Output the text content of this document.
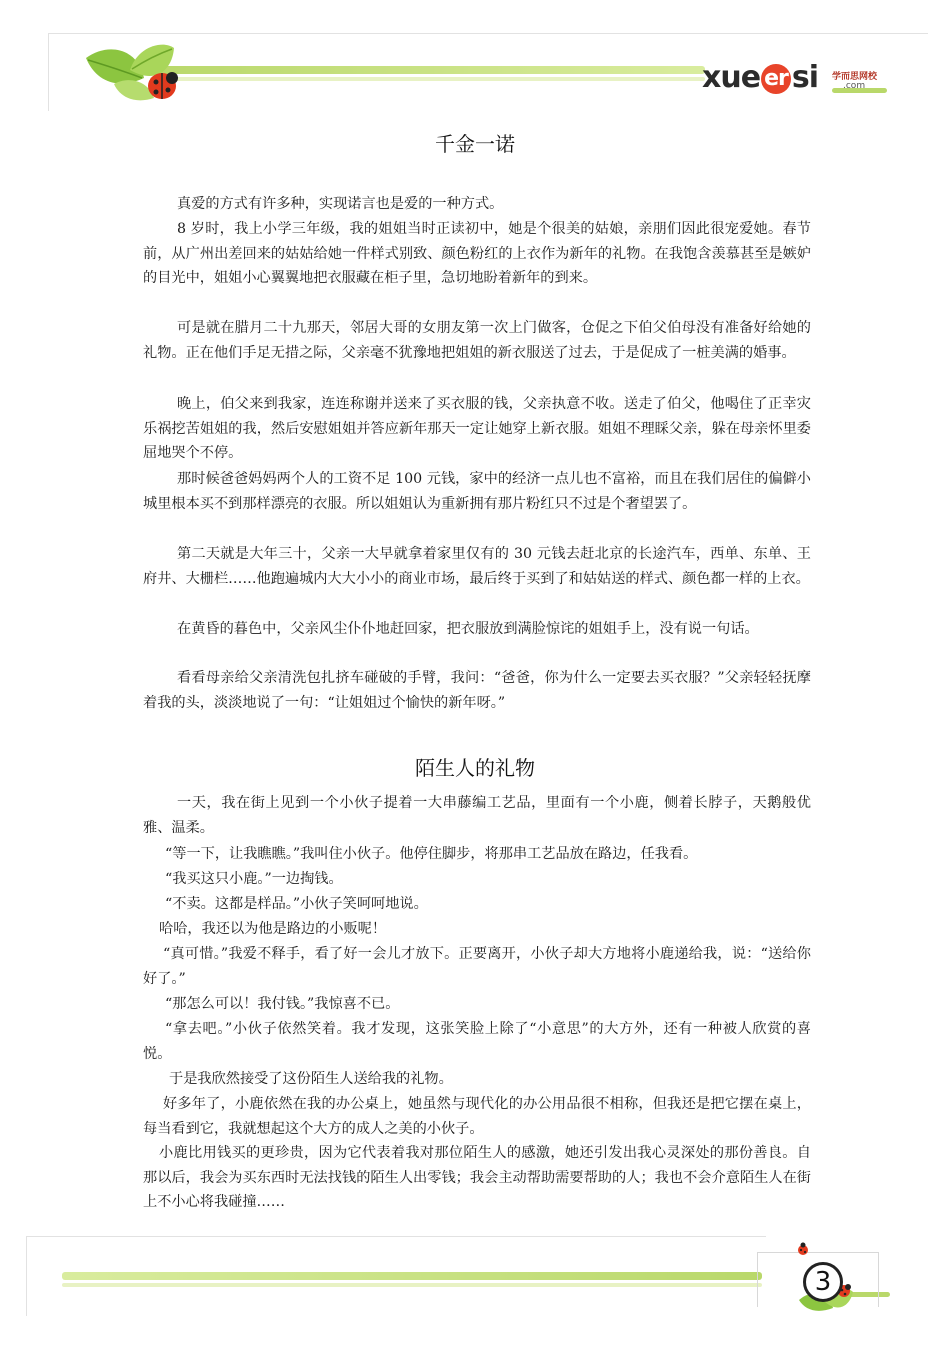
xue er si 学而思网校
.com
千金一诺

真爱的方式有许多种，实现诺言也是爱的一种方式。

8 岁时，我上小学三年级，我的姐姐当时正读初中，她是个很美的姑娘，亲朋们因此很宠爱她。春节前，从广州出差回来的姑姑给她一件样式别致、颜色粉红的上衣作为新年的礼物。在我饱含羡慕甚至是嫉妒的目光中，姐姐小心翼翼地把衣服藏在柜子里，急切地盼着新年的到来。

可是就在腊月二十九那天，邻居大哥的女朋友第一次上门做客，仓促之下伯父伯母没有准备好给她的礼物。正在他们手足无措之际，父亲毫不犹豫地把姐姐的新衣服送了过去，于是促成了一桩美满的婚事。

晚上，伯父来到我家，连连称谢并送来了买衣服的钱，父亲执意不收。送走了伯父，他喝住了正幸灾乐祸挖苦姐姐的我，然后安慰姐姐并答应新年那天一定让她穿上新衣服。姐姐不理睬父亲，躲在母亲怀里委屈地哭个不停。

那时候爸爸妈妈两个人的工资不足 100 元钱，家中的经济一点儿也不富裕，而且在我们居住的偏僻小城里根本买不到那样漂亮的衣服。所以姐姐认为重新拥有那片粉红只不过是个奢望罢了。

第二天就是大年三十，父亲一大早就拿着家里仅有的 30 元钱去赶北京的长途汽车，西单、东单、王府井、大栅栏……他跑遍城内大大小小的商业市场，最后终于买到了和姑姑送的样式、颜色都一样的上衣。

在黄昏的暮色中，父亲风尘仆仆地赶回家，把衣服放到满脸惊诧的姐姐手上，没有说一句话。

看看母亲给父亲清洗包扎挤车碰破的手臂，我问：“爸爸，你为什么一定要去买衣服？”父亲轻轻抚摩着我的头，淡淡地说了一句：“让姐姐过个愉快的新年呀。”

陌生人的礼物

一天，我在街上见到一个小伙子提着一大串藤编工艺品，里面有一个小鹿，侧着长脖子，天鹅般优雅、温柔。

“等一下，让我瞧瞧。”我叫住小伙子。他停住脚步，将那串工艺品放在路边，任我看。

“我买这只小鹿。”一边掏钱。

“不卖。这都是样品。”小伙子笑呵呵地说。

哈哈，我还以为他是路边的小贩呢！

“真可惜。”我爱不释手，看了好一会儿才放下。正要离开，小伙子却大方地将小鹿递给我，说：“送给你好了。”

“那怎么可以！我付钱。”我惊喜不已。

“拿去吧。”小伙子依然笑着。我才发现，这张笑脸上除了“小意思”的大方外，还有一种被人欣赏的喜悦。

于是我欣然接受了这份陌生人送给我的礼物。

好多年了，小鹿依然在我的办公桌上，她虽然与现代化的办公用品很不相称，但我还是把它摆在桌上，每当看到它，我就想起这个大方的成人之美的小伙子。

小鹿比用钱买的更珍贵，因为它代表着我对那位陌生人的感激，她还引发出我心灵深处的那份善良。自那以后，我会为买东西时无法找钱的陌生人出零钱；我会主动帮助需要帮助的人；我也不会介意陌生人在街上不小心将我碰撞……

3
